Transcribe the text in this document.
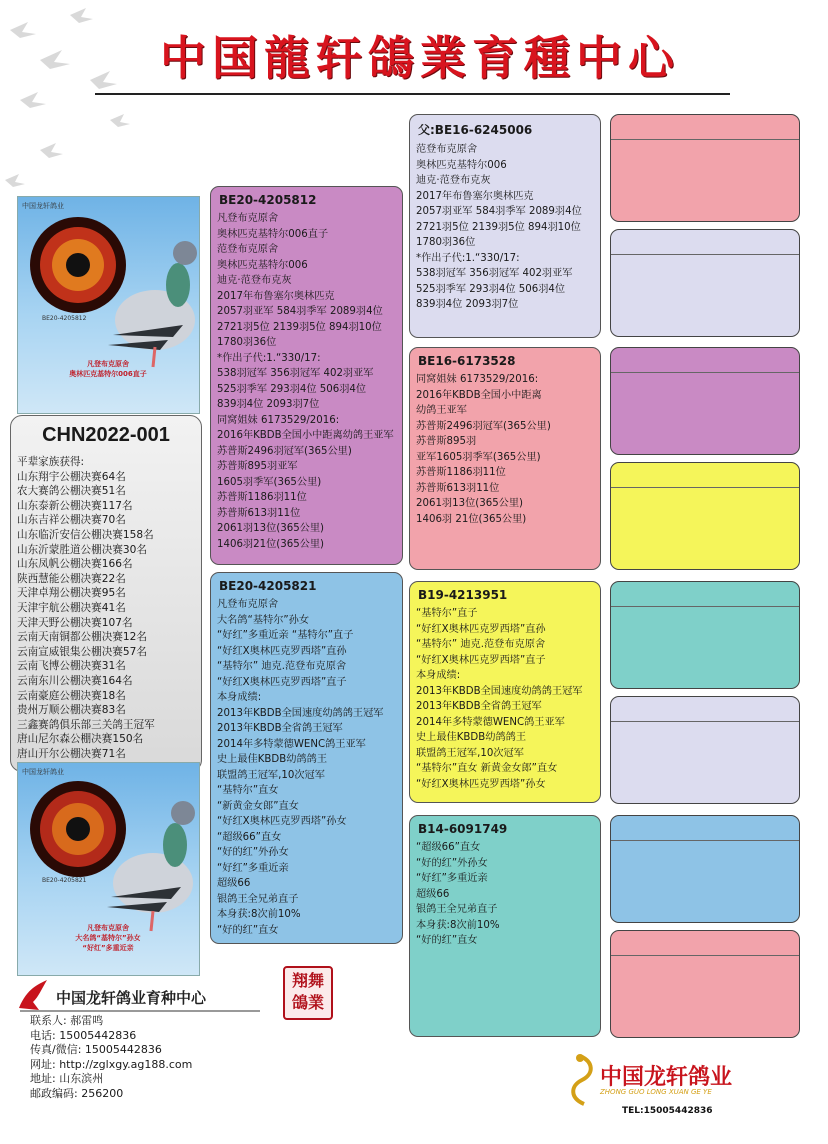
中国龍轩鴿業育種中心
中国龙轩鸽业
BE20-4205812
凡登布克原舍
奥林匹克基特尔006直子
CHN2022-001
平辈家族获得:
山东翔宇公棚决赛64名
农大赛鸽公棚决赛51名
山东泰新公棚决赛117名
山东吉祥公棚决赛70名
山东临沂安信公棚决赛158名
山东沂蒙胜道公棚决赛30名
山东凤帆公棚决赛166名
陕西慧能公棚决赛22名
天津卓翔公棚决赛95名
天津宇航公棚决赛41名
天津天野公棚决赛107名
云南天南铜都公棚决赛12名
云南宣威银集公棚决赛57名
云南飞博公棚决赛31名
云南东川公棚决赛164名
云南豪庭公棚决赛18名
贵州万顺公棚决赛83名
三鑫赛鸽俱乐部三关鸽王冠军
唐山尼尔森公棚决赛150名
唐山开尔公棚决赛71名
中国龙轩鸽业
BE20-4205821
凡登布克原舍
大名鸽“基特尔”孙女
“好红”多重近亲
BE20-4205812
凡登布克原舍
奥林匹克基特尔006直子
范登布克原舍
奥林匹克基特尔006
迪克·范登布克灰
2017年布鲁塞尔奥林匹克
2057羽亚军 584羽季军 2089羽4位
2721羽5位 2139羽5位 894羽10位
1780羽36位
*作出子代:1.“330/17:
538羽冠军 356羽冠军 402羽亚军
525羽季军 293羽4位 506羽4位
839羽4位 2093羽7位
同窝姐妹 6173529/2016:
2016年KBDB全国小中距离幼鸽王亚军
苏普斯2496羽冠军(365公里)
苏普斯895羽亚军
1605羽季军(365公里)
苏普斯1186羽11位
苏普斯613羽11位
2061羽13位(365公里)
1406羽21位(365公里)
BE20-4205821
凡登布克原舍
大名鸽“基特尔”孙女
“好红”多重近亲 “基特尔”直子
“好红X奥林匹克罗西塔”直孙
“基特尔” 迪克.范登布克原舍
“好红X奥林匹克罗西塔”直子
本身成绩:
2013年KBDB全国速度幼鸽鸽王冠军
2013年KBDB全省鸽王冠军
2014年多特蒙德WENC鸽王亚军
史上最佳KBDB幼鸽鸽王
联盟鸽王冠军,10次冠军
“基特尔”直女
“新黄金女郎”直女
“好红X奥林匹克罗西塔”孙女
“超级66”直女
“好的红”外孙女
“好红”多重近亲
超级66
银鸽王全兄弟直子
本身获:8次前10%
“好的红”直女
父:BE16-6245006
范登布克原舍
奥林匹克基特尔006
迪克·范登布克灰
2017年布鲁塞尔奥林匹克
2057羽亚军 584羽季军 2089羽4位
2721羽5位 2139羽5位 894羽10位
1780羽36位
*作出子代:1.“330/17:
538羽冠军 356羽冠军 402羽亚军
525羽季军 293羽4位 506羽4位
839羽4位 2093羽7位
BE16-6173528
同窝姐妹 6173529/2016:
2016年KBDB全国小中距离
幼鸽王亚军
苏普斯2496羽冠军(365公里)
苏普斯895羽
亚军1605羽季军(365公里)
苏普斯1186羽11位
苏普斯613羽11位
2061羽13位(365公里)
1406羽 21位(365公里)
B19-4213951
“基特尔”直子
“好红X奥林匹克罗西塔”直孙
“基特尔” 迪克.范登布克原舍
“好红X奥林匹克罗西塔”直子
本身成绩:
2013年KBDB全国速度幼鸽鸽王冠军
2013年KBDB全省鸽王冠军
2014年多特蒙德WENC鸽王亚军
史上最佳KBDB幼鸽鸽王
联盟鸽王冠军,10次冠军
“基特尔”直女 新黄金女郎”直女
“好红X奥林匹克罗西塔”孙女
B14-6091749
“超级66”直女
“好的红”外孙女
“好红”多重近亲
超级66
银鸽王全兄弟直子
本身获:8次前10%
“好的红”直女
翔舞鴿業
中国龙轩鸽业育种中心
联系人: 郝雷鸣
电话: 15005442836
传真/微信: 15005442836
网址: http://zglxgy.ag188.com
地址: 山东滨州
邮政编码: 256200
中国龙轩鸽业
ZHONG GUO LONG XUAN GE YE
TEL:15005442836
